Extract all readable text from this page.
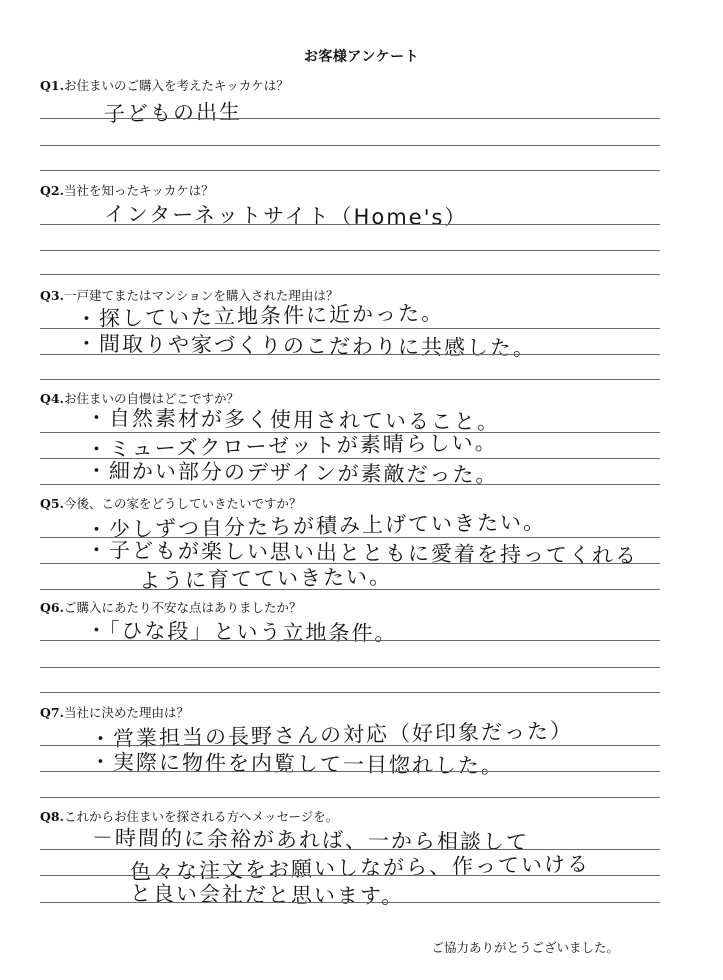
お客様アンケート
Q1.お住まいのご購入を考えたキッカケは？
子どもの出生
Q2.当社を知ったキッカケは？
インターネットサイト（Home's）
Q3.一戸建てまたはマンションを購入された理由は？
・探していた立地条件に近かった。
・間取りや家づくりのこだわりに共感した。
Q4.お住まいの自慢はどこですか？
・自然素材が多く使用されていること。
・ミューズクローゼットが素晴らしい。
・細かい部分のデザインが素敵だった。
Q5.今後、この家をどうしていきたいですか？
・少しずつ自分たちが積み上げていきたい。
・子どもが楽しい思い出とともに愛着を持ってくれる
　ように育てていきたい。
Q6.ご購入にあたり不安な点はありましたか？
・「ひな段」という立地条件。
Q7.当社に決めた理由は？
・営業担当の長野さんの対応（好印象だった）
・実際に物件を内覧して一目惚れした。
Q8.これからお住まいを探される方へメッセージを。
－時間的に余裕があれば、一から相談して
色々な注文をお願いしながら、作っていける
と良い会社だと思います。
ご協力ありがとうございました。
